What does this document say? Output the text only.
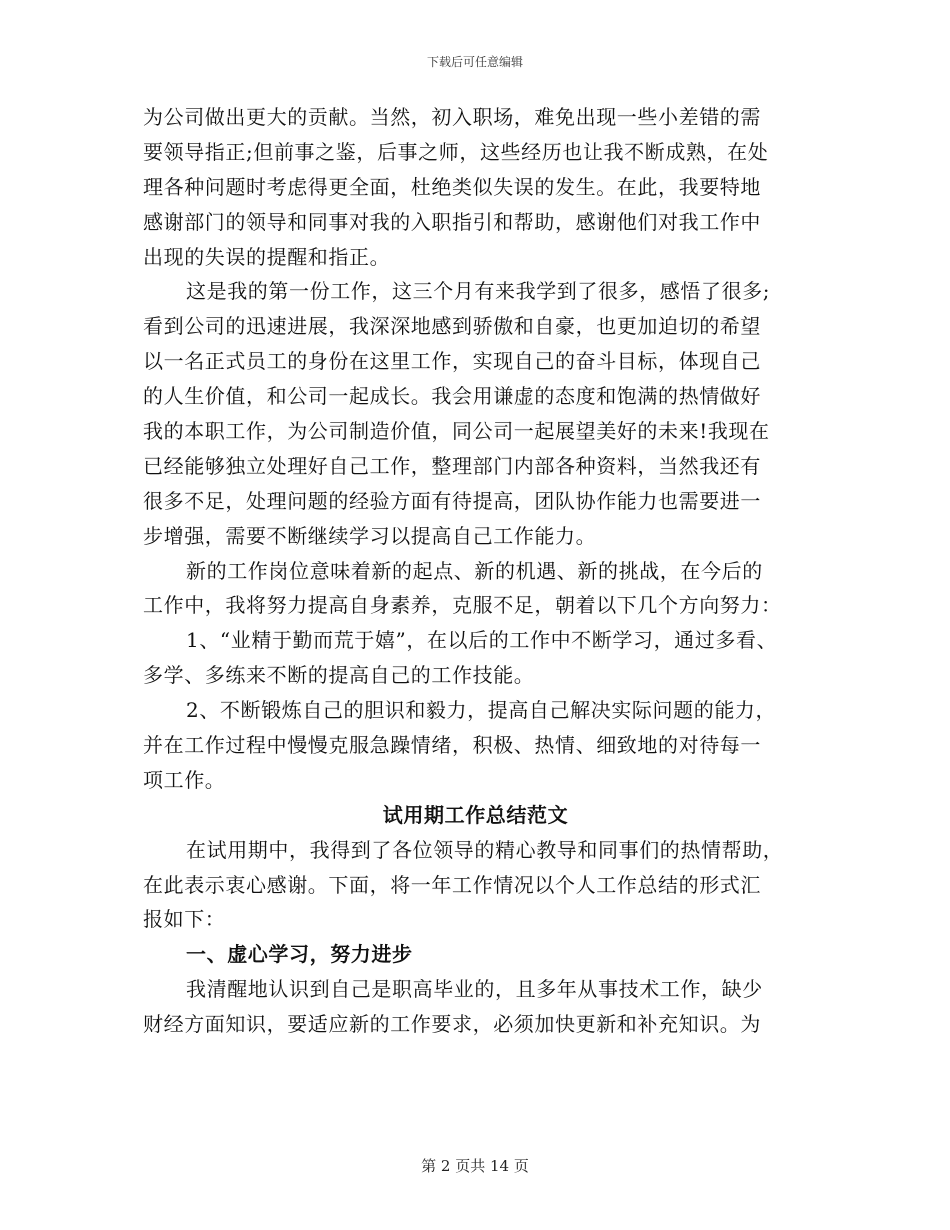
下载后可任意编辑
为公司做出更大的贡献。当然，初入职场，难免出现一些小差错的需
要领导指正;但前事之鉴，后事之师，这些经历也让我不断成熟，在处
理各种问题时考虑得更全面，杜绝类似失误的发生。在此，我要特地
感谢部门的领导和同事对我的入职指引和帮助，感谢他们对我工作中
出现的失误的提醒和指正。
这是我的第一份工作，这三个月有来我学到了很多，感悟了很多;
看到公司的迅速进展，我深深地感到骄傲和自豪，也更加迫切的希望
以一名正式员工的身份在这里工作，实现自己的奋斗目标，体现自己
的人生价值，和公司一起成长。我会用谦虚的态度和饱满的热情做好
我的本职工作，为公司制造价值，同公司一起展望美好的未来!我现在
已经能够独立处理好自己工作，整理部门内部各种资料，当然我还有
很多不足，处理问题的经验方面有待提高，团队协作能力也需要进一
步增强，需要不断继续学习以提高自己工作能力。
新的工作岗位意味着新的起点、新的机遇、新的挑战，在今后的
工作中，我将努力提高自身素养，克服不足，朝着以下几个方向努力：
1、“业精于勤而荒于嬉”，在以后的工作中不断学习，通过多看、
多学、多练来不断的提高自己的工作技能。
2、不断锻炼自己的胆识和毅力，提高自己解决实际问题的能力，
并在工作过程中慢慢克服急躁情绪，积极、热情、细致地的对待每一
项工作。
试用期工作总结范文
在试用期中，我得到了各位领导的精心教导和同事们的热情帮助，
在此表示衷心感谢。下面，将一年工作情况以个人工作总结的形式汇
报如下：
一、虚心学习，努力进步
我清醒地认识到自己是职高毕业的，且多年从事技术工作，缺少
财经方面知识，要适应新的工作要求，必须加快更新和补充知识。为
第 2 页共 14 页
